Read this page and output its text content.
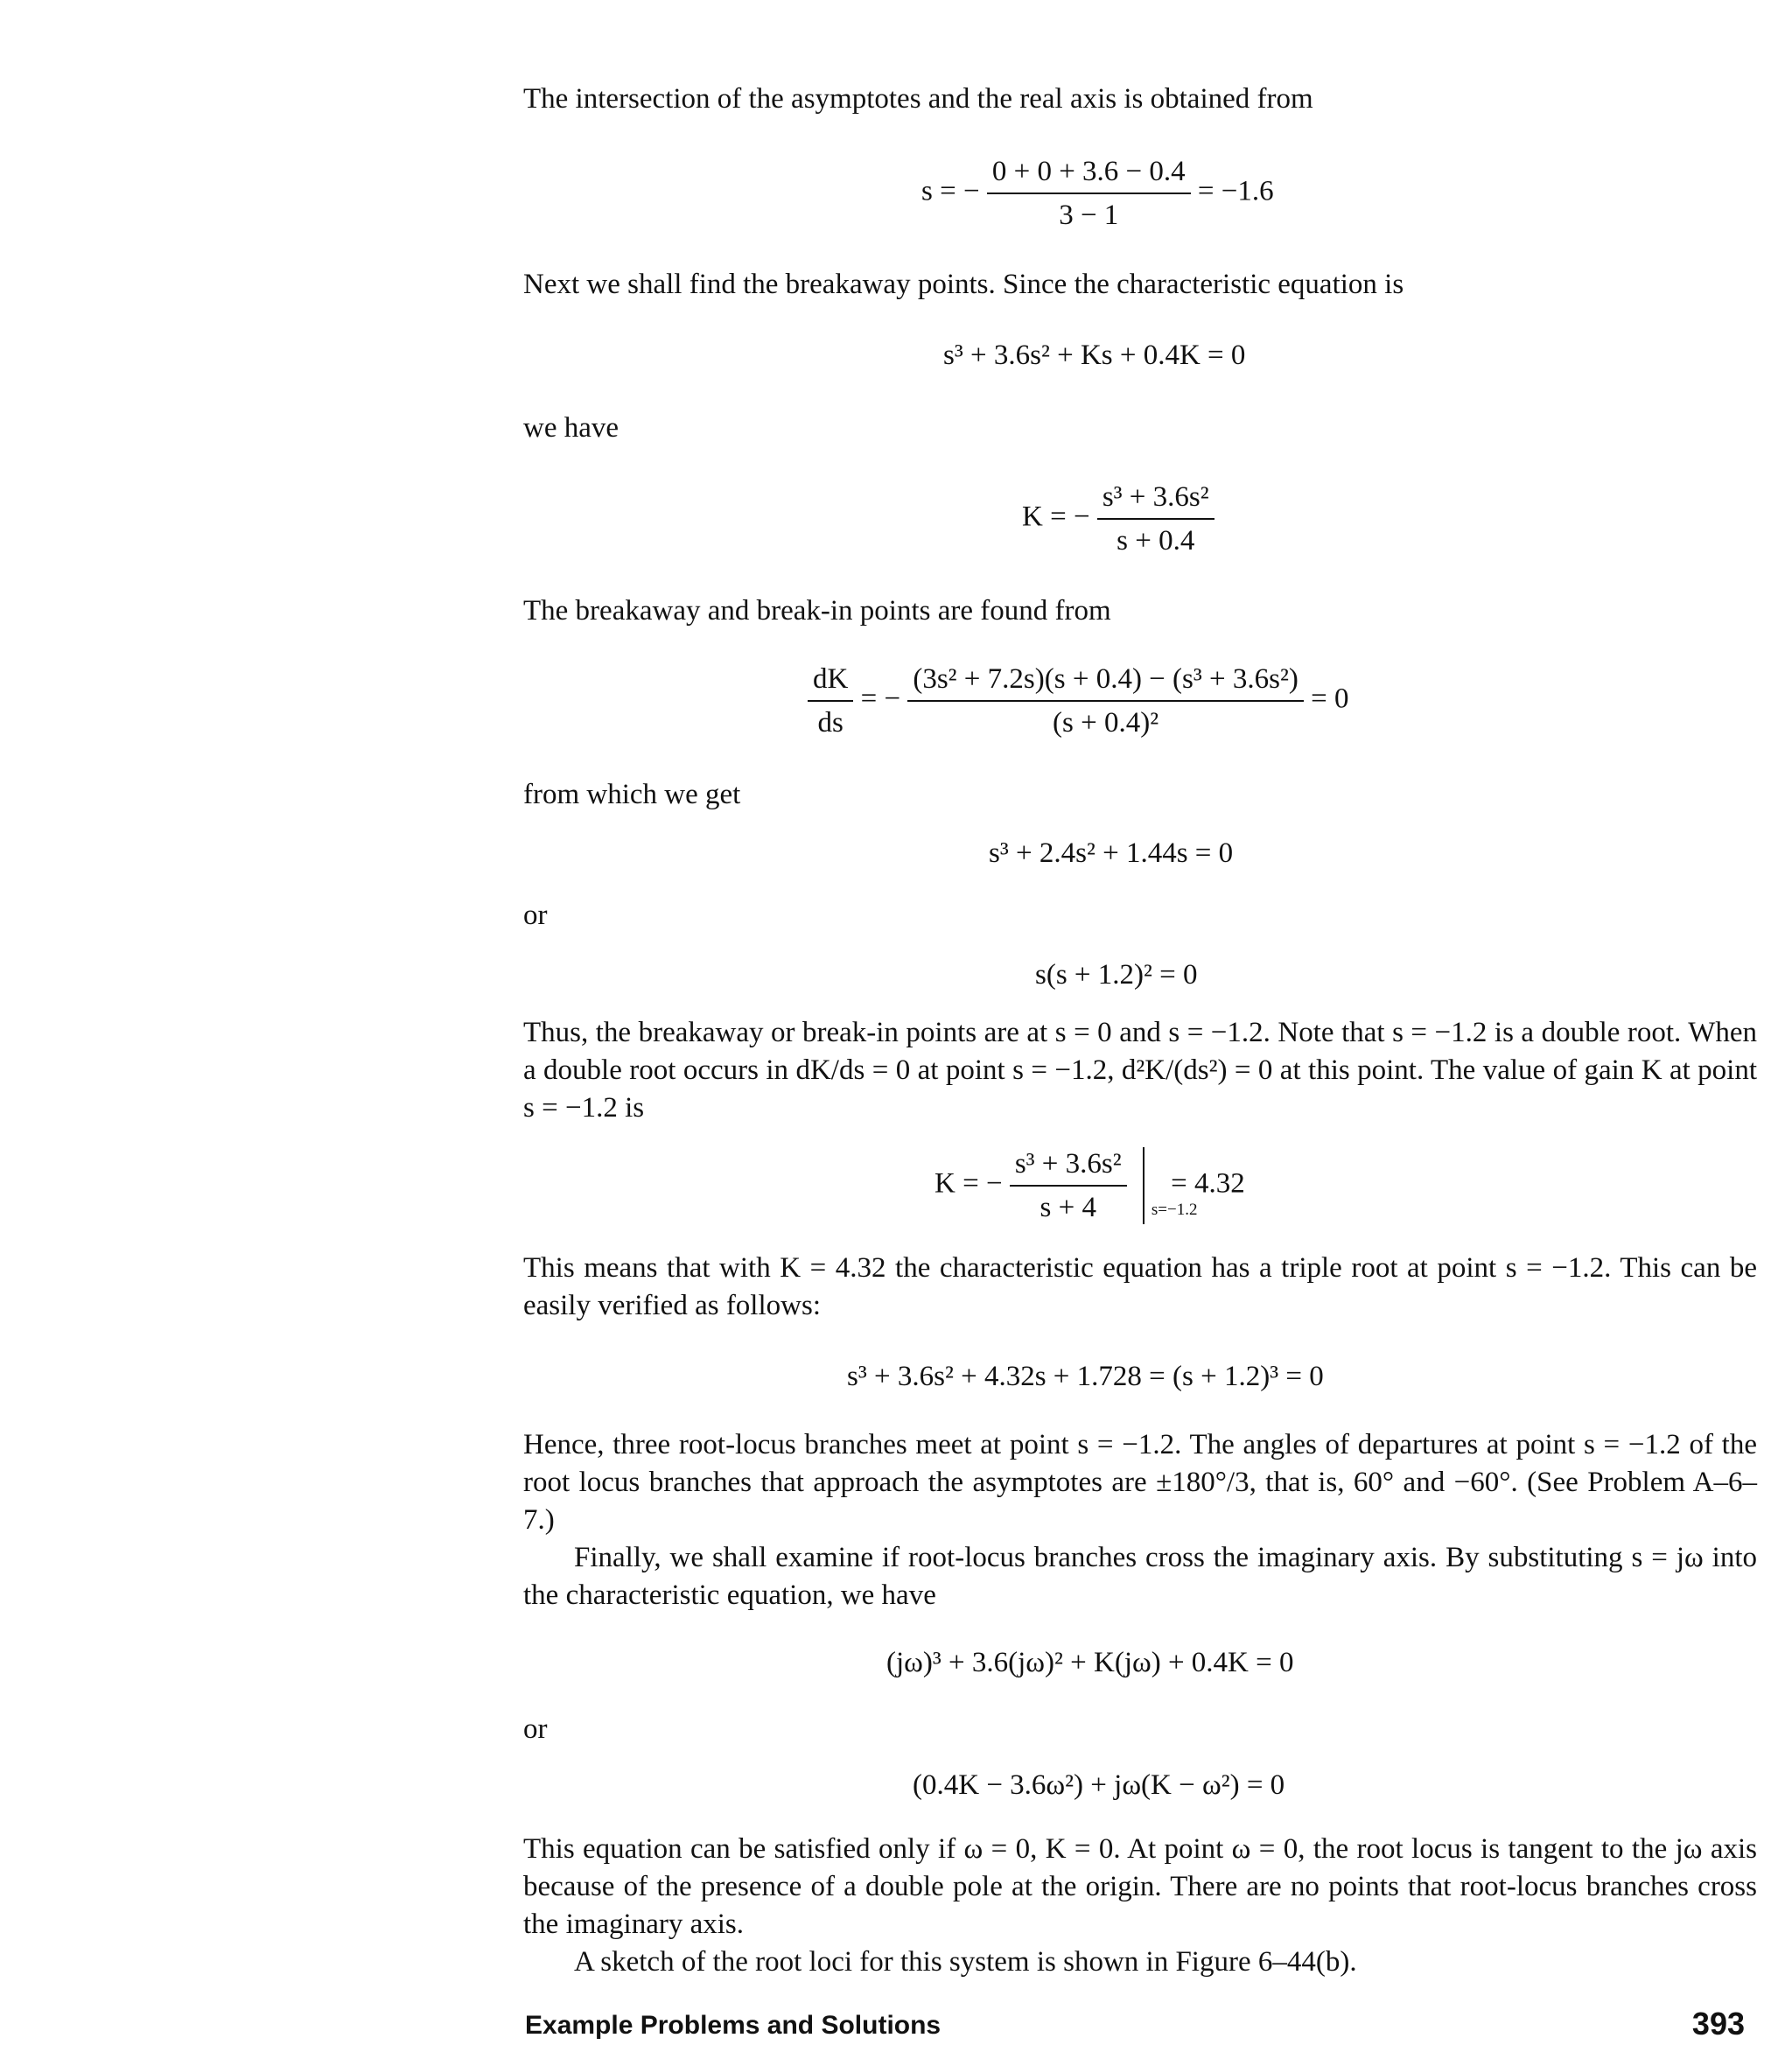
The intersection of the asymptotes and the real axis is obtained from

s = − $\frac{0 + 0 + 3.6 - 0.4}{3 - 1} = -1.6$

Next we shall find the breakaway points. Since the characteristic equation is

s³ + 3.6s² + Ks + 0.4K = 0

we have

K = − $\frac{\text{s³ + 3.6s²}}{s + 0.4}$

The breakaway and break-in points are found from

$\frac{dK}{ds}$ = − $\frac{\text{(3s² + 7.2s)(s + 0.4) − (s³ + 3.6s²)}}{\text{(s + 0.4)²}} = 0$

from which we get

s³ + 2.4s² + 1.44s = 0

or

s(s + 1.2)² = 0

Thus, the breakaway or break-in points are at s = 0 and s = −1.2. Note that s = −1.2 is a double root. When a double root occurs in dK/ds = 0 at point s = −1.2, d²K/(ds²) = 0 at this point. The value of gain K at point s = −1.2 is

K = − $\frac{\text{s³ + 3.6s²}}{s + 4}$
s=−1.2
= 4.32

This means that with K = 4.32 the characteristic equation has a triple root at point s = −1.2. This can be easily verified as follows:

s³ + 3.6s² + 4.32s + 1.728 = (s + 1.2)³ = 0

Hence, three root-locus branches meet at point s = −1.2. The angles of departures at point s = −1.2 of the root locus branches that approach the asymptotes are ±180°/3, that is, 60° and −60°. (See Problem A–6–7.)

Finally, we shall examine if root-locus branches cross the imaginary axis. By substituting s = jω into the characteristic equation, we have

(jω)³ + 3.6(jω)² + K(jω) + 0.4K = 0

or

(0.4K − 3.6ω²) + jω(K − ω²) = 0

This equation can be satisfied only if ω = 0, K = 0. At point ω = 0, the root locus is tangent to the jω axis because of the presence of a double pole at the origin. There are no points that root-locus branches cross the imaginary axis.

A sketch of the root loci for this system is shown in Figure 6–44(b).

Example Problems and Solutions	393
